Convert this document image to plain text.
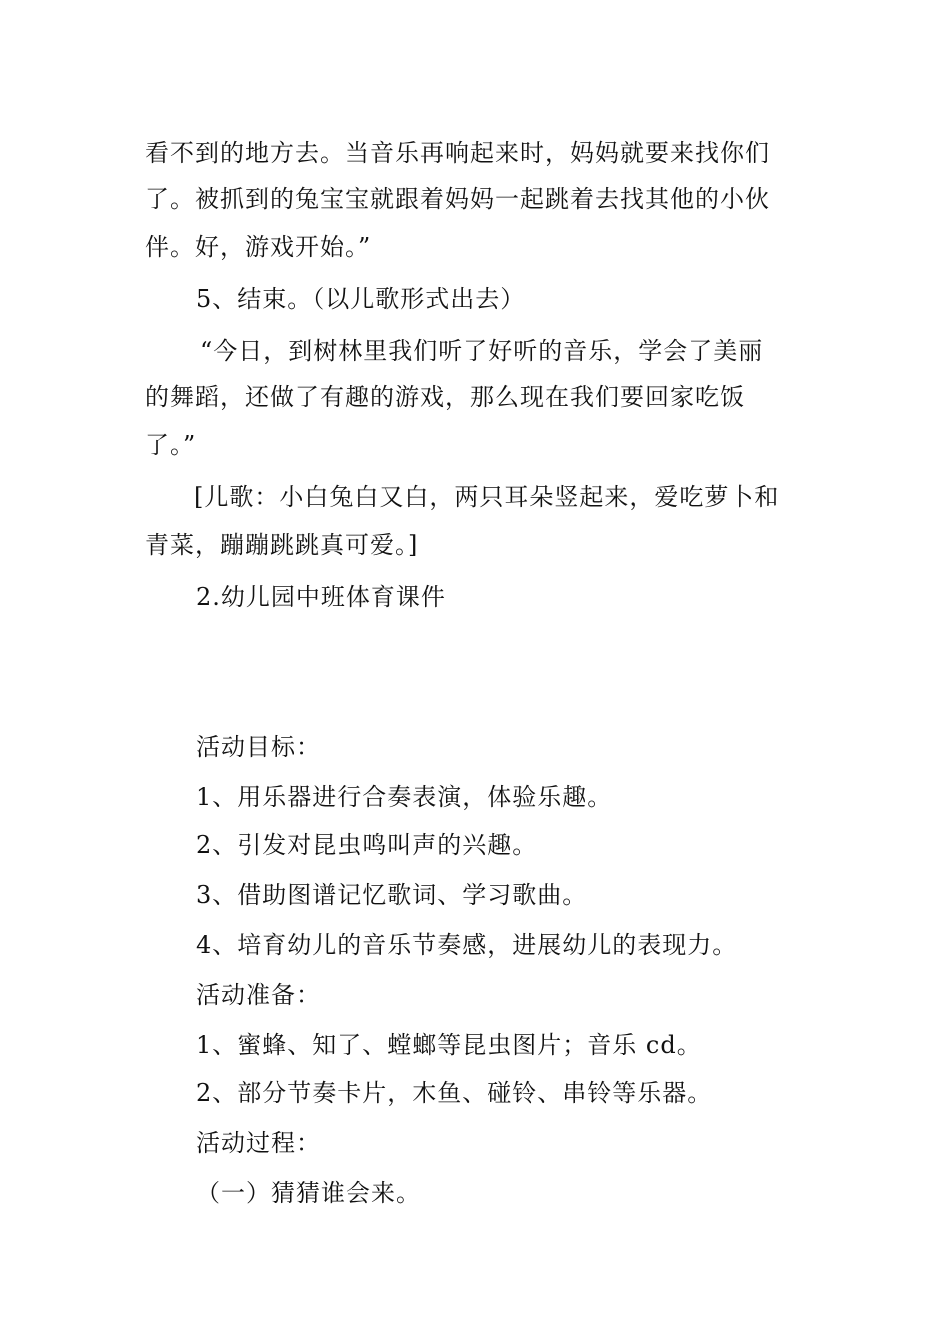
看不到的地方去。当音乐再响起来时，妈妈就要来找你们
了。被抓到的兔宝宝就跟着妈妈一起跳着去找其他的小伙
伴。好，游戏开始。”
5、结束。（以儿歌形式出去）
“今日，到树林里我们听了好听的音乐，学会了美丽
的舞蹈，还做了有趣的游戏，那么现在我们要回家吃饭
了。”
[儿歌：小白兔白又白，两只耳朵竖起来，爱吃萝卜和
青菜，蹦蹦跳跳真可爱。]
2.幼儿园中班体育课件
活动目标：
1、用乐器进行合奏表演，体验乐趣。
2、引发对昆虫鸣叫声的兴趣。
3、借助图谱记忆歌词、学习歌曲。
4、培育幼儿的音乐节奏感，进展幼儿的表现力。
活动准备：
1、蜜蜂、知了、螳螂等昆虫图片；音乐 cd。
2、部分节奏卡片，木鱼、碰铃、串铃等乐器。
活动过程：
（一）猜猜谁会来。
